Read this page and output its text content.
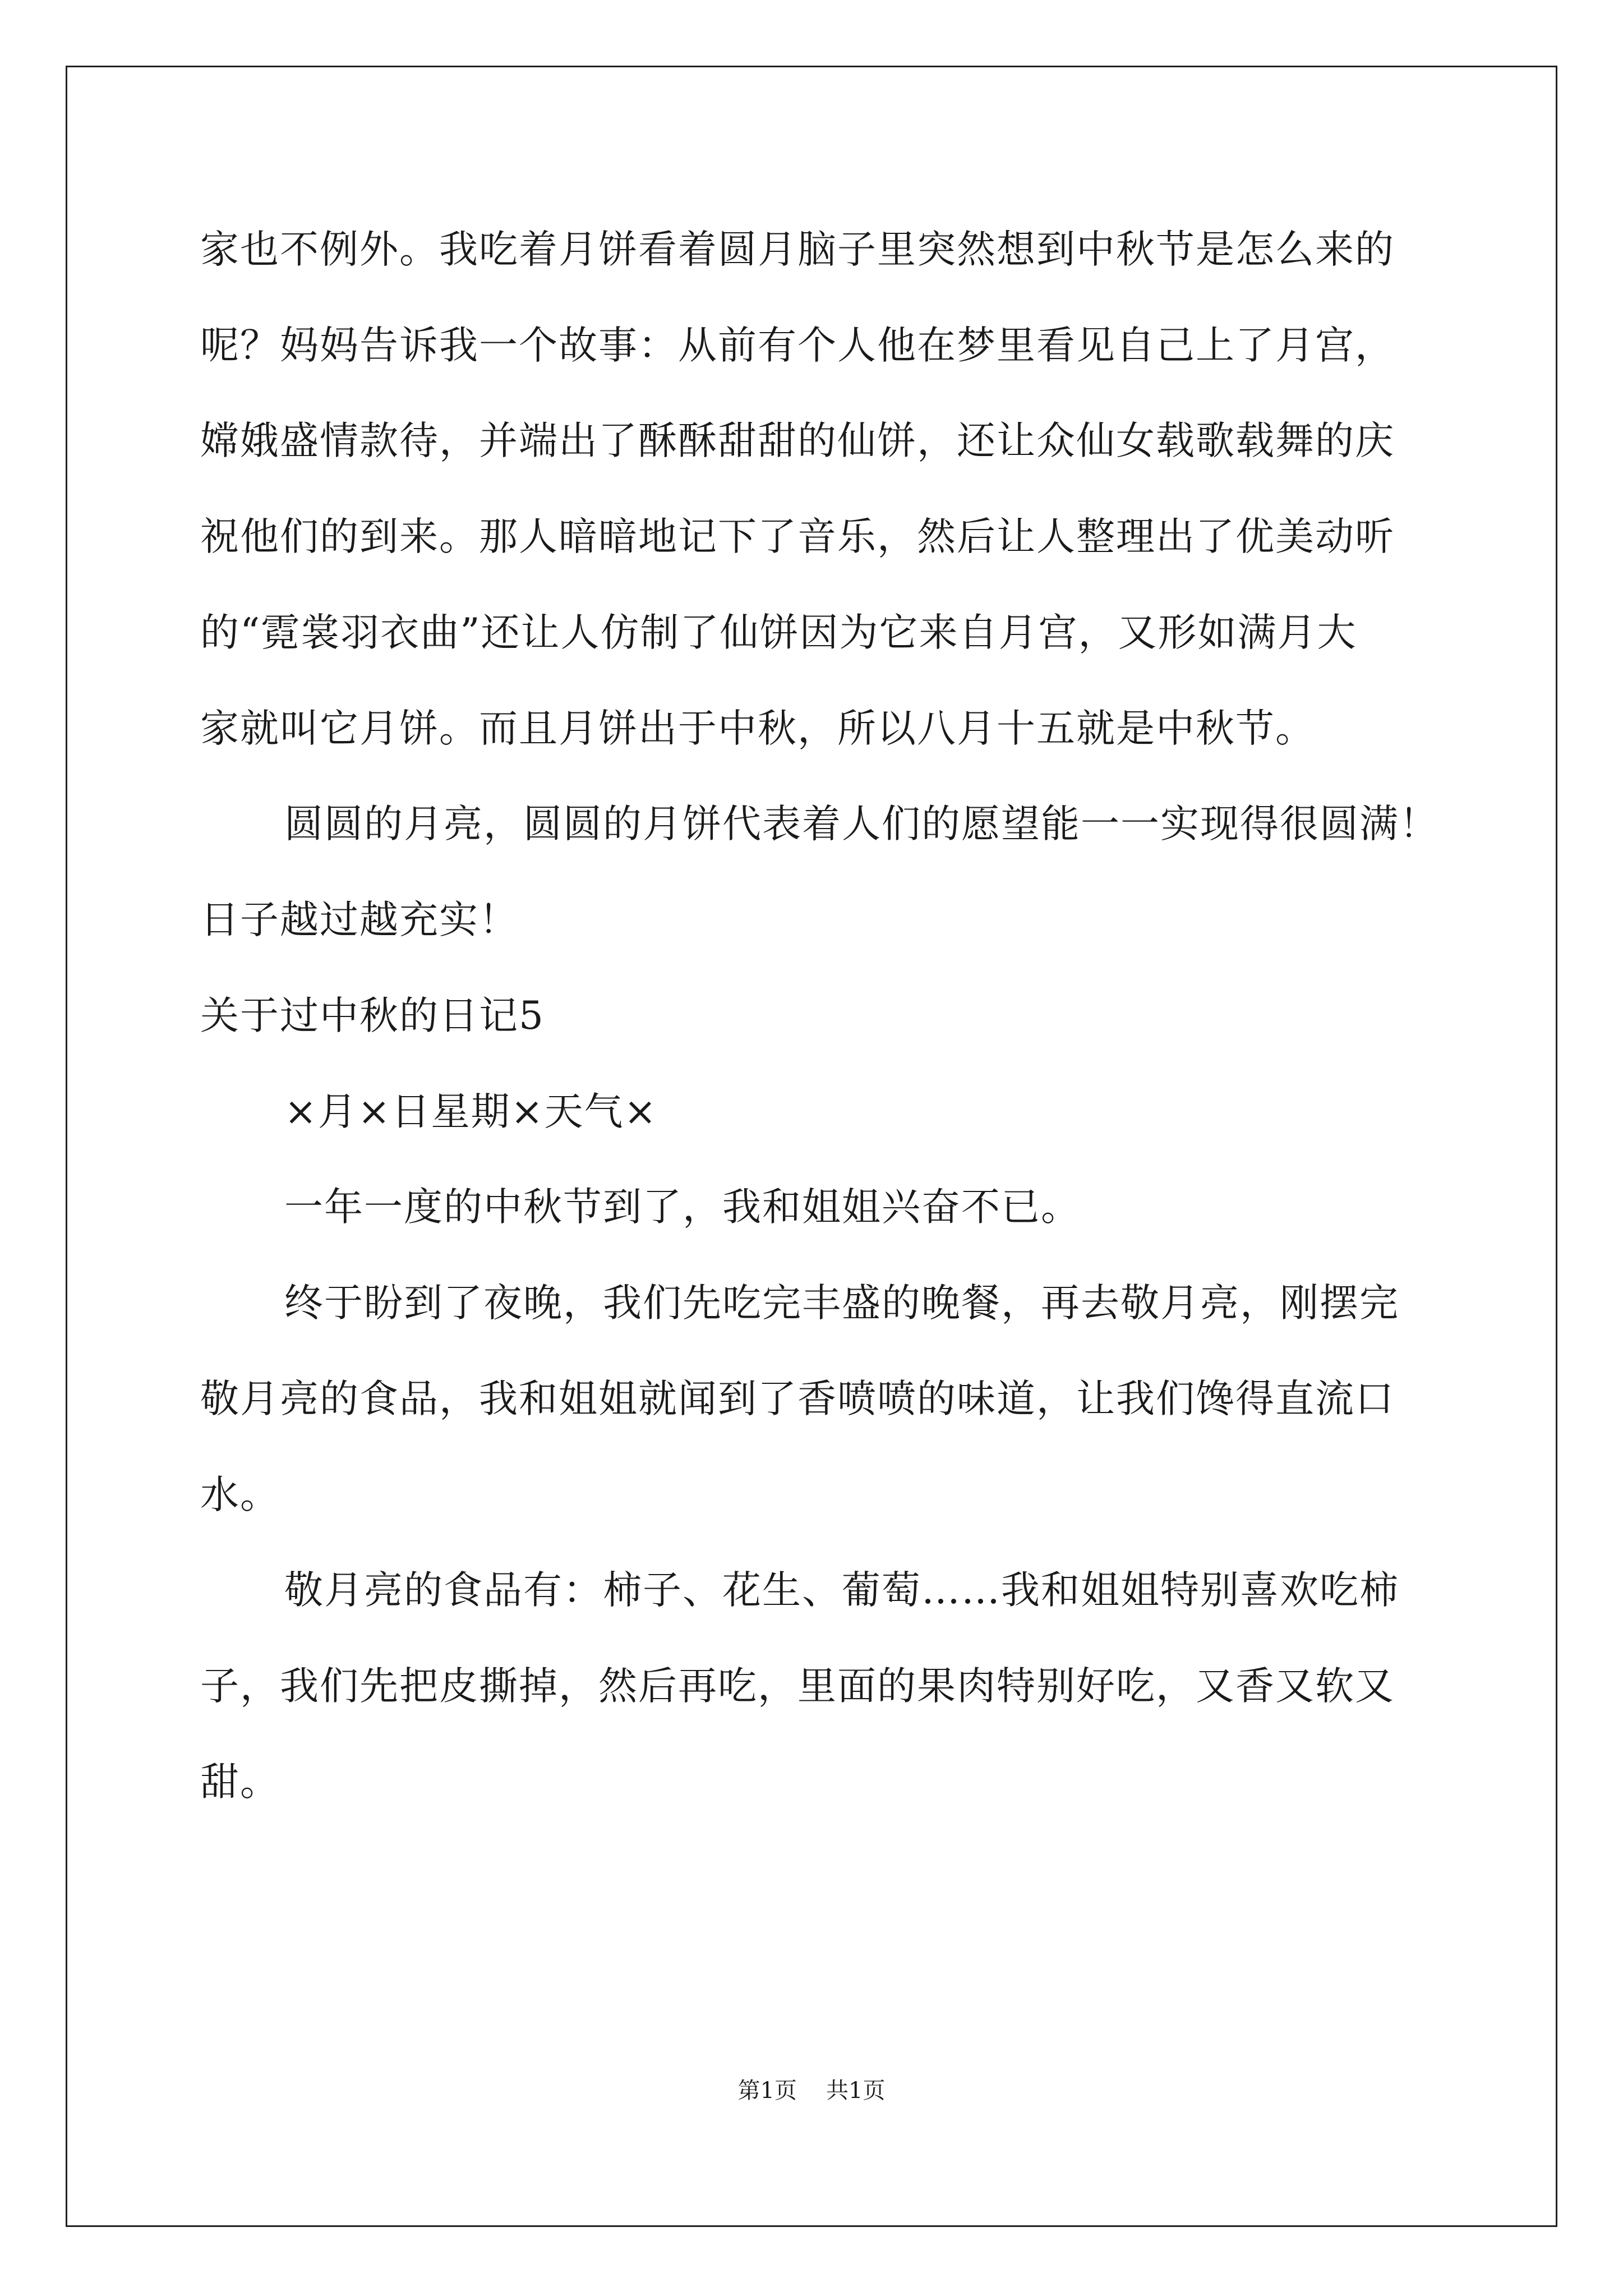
家也不例外。我吃着月饼看着圆月脑子里突然想到中秋节是怎么来的
呢？妈妈告诉我一个故事：从前有个人他在梦里看见自己上了月宫，
嫦娥盛情款待，并端出了酥酥甜甜的仙饼，还让众仙女载歌载舞的庆
祝他们的到来。那人暗暗地记下了音乐，然后让人整理出了优美动听
的“霓裳羽衣曲”还让人仿制了仙饼因为它来自月宫，又形如满月大
家就叫它月饼。而且月饼出于中秋，所以八月十五就是中秋节。
圆圆的月亮，圆圆的月饼代表着人们的愿望能一一实现得很圆满！
日子越过越充实！
关于过中秋的日记5
×月×日星期×天气×
一年一度的中秋节到了，我和姐姐兴奋不已。
终于盼到了夜晚，我们先吃完丰盛的晚餐，再去敬月亮，刚摆完
敬月亮的食品，我和姐姐就闻到了香喷喷的味道，让我们馋得直流口
水。
敬月亮的食品有：柿子、花生、葡萄……我和姐姐特别喜欢吃柿
子，我们先把皮撕掉，然后再吃，里面的果肉特别好吃，又香又软又
甜。
第1页 共1页
